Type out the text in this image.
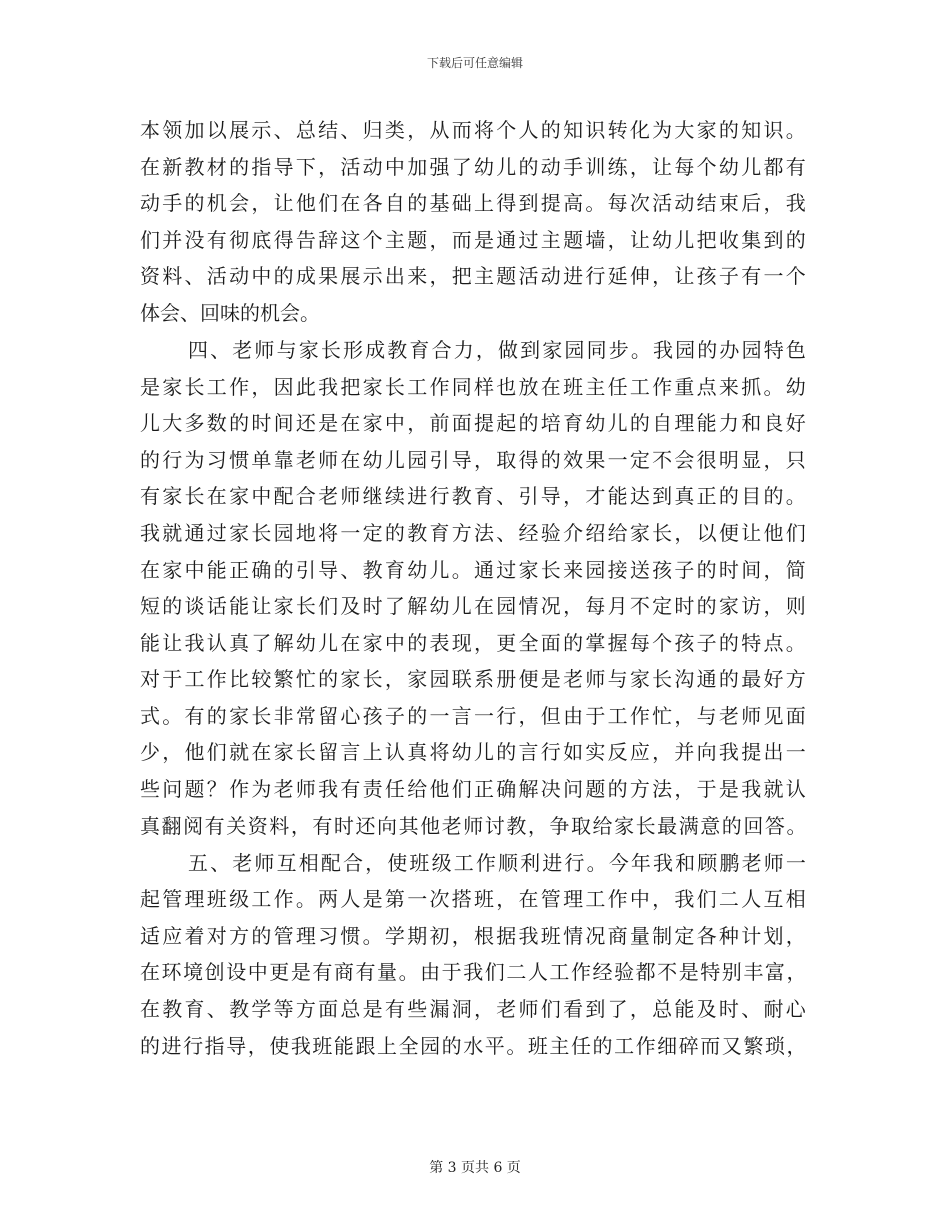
下载后可任意编辑
本领加以展示、总结、归类，从而将个人的知识转化为大家的知识。
在新教材的指导下，活动中加强了幼儿的动手训练，让每个幼儿都有
动手的机会，让他们在各自的基础上得到提高。每次活动结束后，我
们并没有彻底得告辞这个主题，而是通过主题墙，让幼儿把收集到的
资料、活动中的成果展示出来，把主题活动进行延伸，让孩子有一个
体会、回味的机会。
四、老师与家长形成教育合力，做到家园同步。我园的办园特色
是家长工作，因此我把家长工作同样也放在班主任工作重点来抓。幼
儿大多数的时间还是在家中，前面提起的培育幼儿的自理能力和良好
的行为习惯单靠老师在幼儿园引导，取得的效果一定不会很明显，只
有家长在家中配合老师继续进行教育、引导，才能达到真正的目的。
我就通过家长园地将一定的教育方法、经验介绍给家长，以便让他们
在家中能正确的引导、教育幼儿。通过家长来园接送孩子的时间，简
短的谈话能让家长们及时了解幼儿在园情况，每月不定时的家访，则
能让我认真了解幼儿在家中的表现，更全面的掌握每个孩子的特点。
对于工作比较繁忙的家长，家园联系册便是老师与家长沟通的最好方
式。有的家长非常留心孩子的一言一行，但由于工作忙，与老师见面
少，他们就在家长留言上认真将幼儿的言行如实反应，并向我提出一
些问题？作为老师我有责任给他们正确解决问题的方法，于是我就认
真翻阅有关资料，有时还向其他老师讨教，争取给家长最满意的回答。
五、老师互相配合，使班级工作顺利进行。今年我和顾鹏老师一
起管理班级工作。两人是第一次搭班，在管理工作中，我们二人互相
适应着对方的管理习惯。学期初，根据我班情况商量制定各种计划，
在环境创设中更是有商有量。由于我们二人工作经验都不是特别丰富，
在教育、教学等方面总是有些漏洞，老师们看到了，总能及时、耐心
的进行指导，使我班能跟上全园的水平。班主任的工作细碎而又繁琐，
第 3 页共 6 页
